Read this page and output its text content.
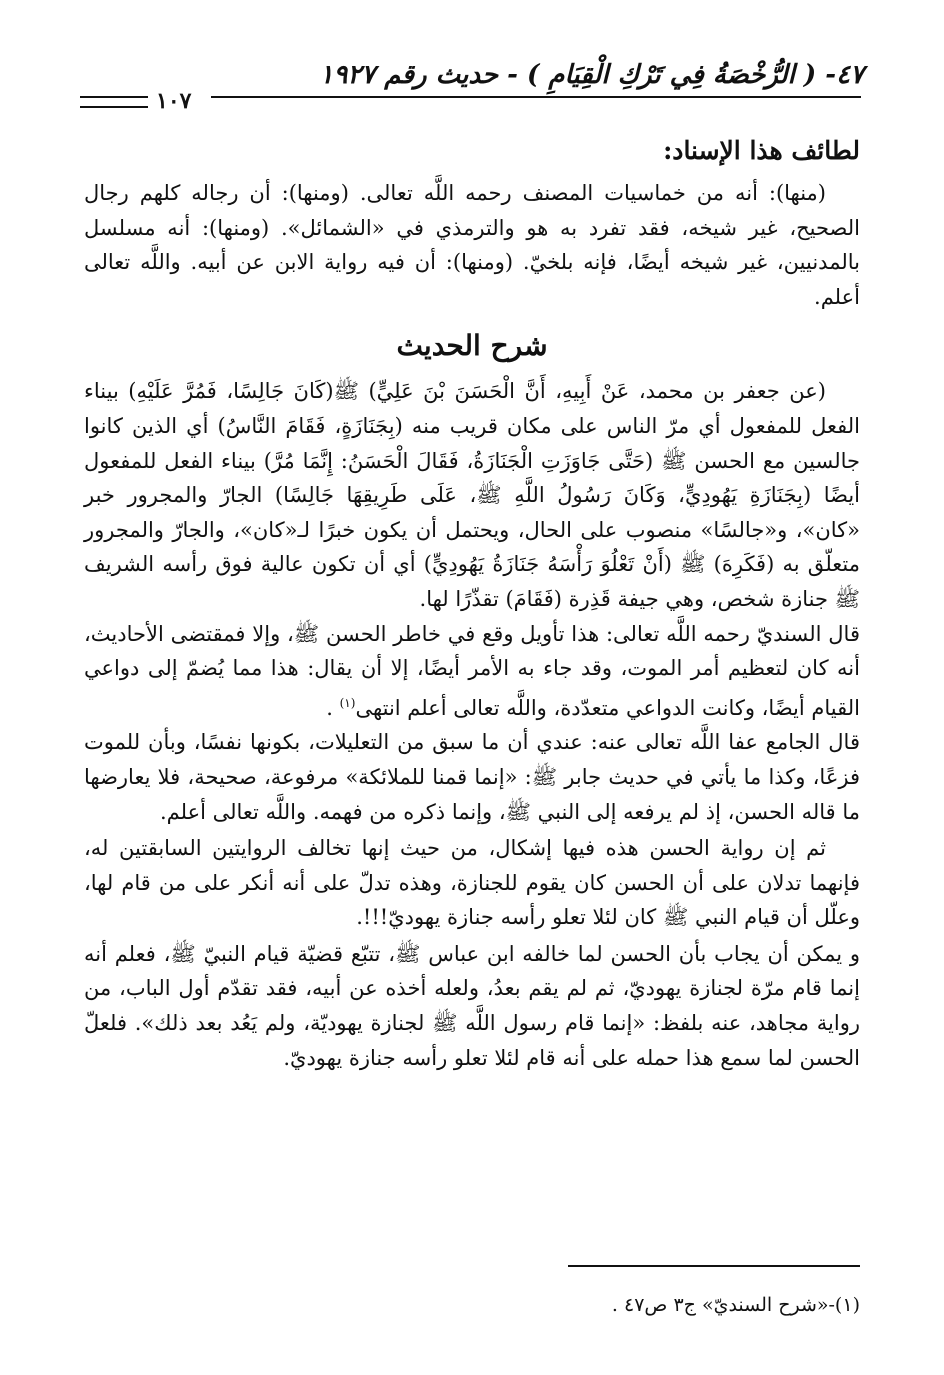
٤٧- ( الرُّخْصَةُ فِي تَرْكِ الْقِيَامِ ) - حديث رقم ١٩٢٧
١٠٧
لطائف هذا الإسناد:

(منها): أنه من خماسيات المصنف رحمه اللَّه تعالى. (ومنها): أن رجاله كلهم رجال الصحيح، غير شيخه، فقد تفرد به هو والترمذي في «الشمائل». (ومنها): أنه مسلسل بالمدنيين، غير شيخه أيضًا، فإنه بلخيّ. (ومنها): أن فيه رواية الابن عن أبيه. واللَّه تعالى أعلم.

شرح الحديث

(عن جعفر بن محمد، عَنْ أَبِيهِ، أَنَّ الْحَسَنَ بْنَ عَلِيٍّ) ﷺ(كَانَ جَالِسًا، فَمُرَّ عَلَيْهِ) بيناء الفعل للمفعول أي مرّ الناس على مكان قريب منه (بِجَنَازَةٍ، فَقَامَ النَّاسُ) أي الذين كانوا جالسين مع الحسن ﷺ (حَتَّى جَاوَزَتِ الْجَنَازَةُ، فَقَالَ الْحَسَنُ: إِنَّمَا مُرَّ) بيناء الفعل للمفعول أيضًا (بِجَنَازَةِ يَهُودِيٍّ، وَكَانَ رَسُولُ اللَّهِ ﷺ، عَلَى طَرِيقِهَا جَالِسًا) الجارّ والمجرور خبر «كان»، و«جالسًا» منصوب على الحال، ويحتمل أن يكون خبرًا لـ«كان»، والجارّ والمجرور متعلّق به (فَكَرِهَ) ﷺ (أَنْ تَعْلُوَ رَأْسَهُ جَنَازَةُ يَهُودِيٍّ) أي أن تكون عالية فوق رأسه الشريف ﷺ جنازة شخص، وهي جيفة قَذِرة (فَقَامَ) تقذّرًا لها.

قال السنديّ رحمه اللَّه تعالى: هذا تأويل وقع في خاطر الحسن ﷺ، وإلا فمقتضى الأحاديث، أنه كان لتعظيم أمر الموت، وقد جاء به الأمر أيضًا، إلا أن يقال: هذا مما يُضمّ إلى دواعي القيام أيضًا، وكانت الدواعي متعدّدة، واللَّه تعالى أعلم انتهى$^{(١)}$ .

قال الجامع عفا اللَّه تعالى عنه: عندي أن ما سبق من التعليلات، بكونها نفسًا، وبأن للموت فزعًا، وكذا ما يأتي في حديث جابر ﷺ: «إنما قمنا للملائكة» مرفوعة، صحيحة، فلا يعارضها ما قاله الحسن، إذ لم يرفعه إلى النبي ﷺ، وإنما ذكره من فهمه. واللَّه تعالى أعلم.

ثم إن رواية الحسن هذه فيها إشكال، من حيث إنها تخالف الروايتين السابقتين له، فإنهما تدلان على أن الحسن كان يقوم للجنازة، وهذه تدلّ على أنه أنكر على من قام لها، وعلّل أن قيام النبي ﷺ كان لئلا تعلو رأسه جنازة يهوديّ!!!.

و يمكن أن يجاب بأن الحسن لما خالفه ابن عباس ﷺ، تتبّع قضيّة قيام النبيّ ﷺ، فعلم أنه إنما قام مرّة لجنازة يهوديّ، ثم لم يقم بعدُ، ولعله أخذه عن أبيه، فقد تقدّم أول الباب، من رواية مجاهد، عنه بلفظ: «إنما قام رسول اللَّه ﷺ لجنازة يهوديّة، ولم يَعُد بعد ذلك». فلعلّ الحسن لما سمع هذا حمله على أنه قام لئلا تعلو رأسه جنازة يهوديّ.

(١)-«شرح السنديّ» ج٣ ص٤٧ .
